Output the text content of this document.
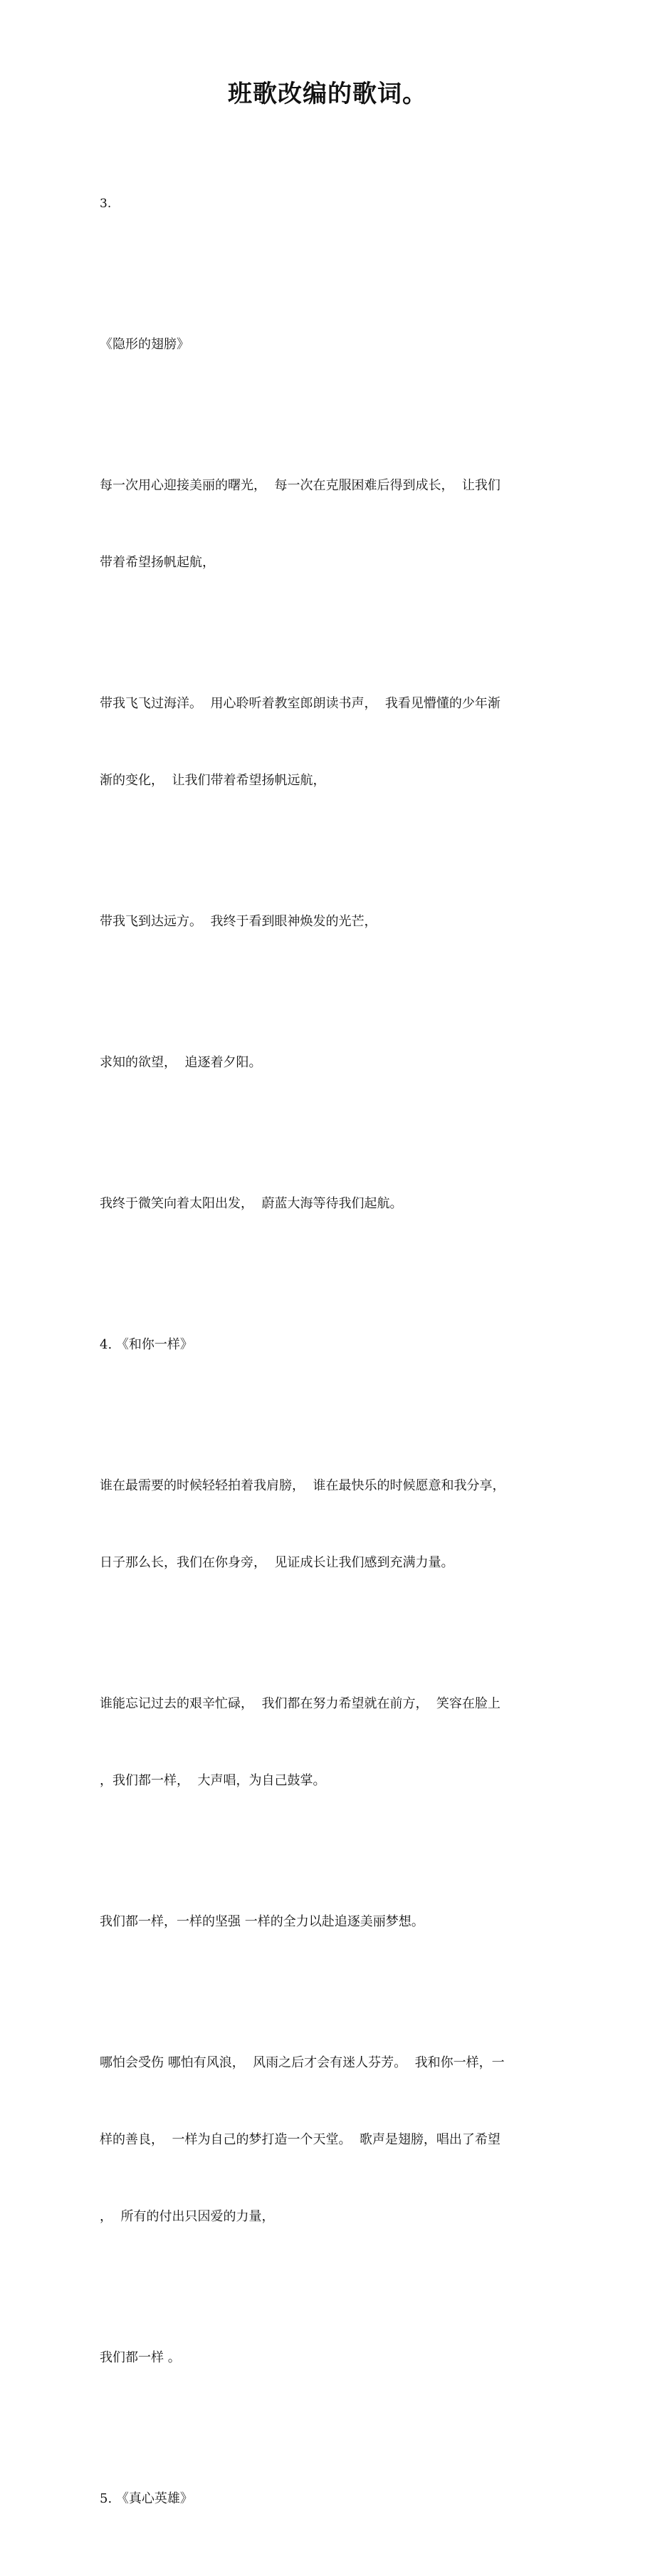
班歌改编的歌词。

3.

《隐形的翅膀》

每一次用心迎接美丽的曙光，  每一次在克服困难后得到成长，  让我们

带着希望扬帆起航，

带我飞飞过海洋。  用心聆听着教室郎朗读书声，  我看见懵懂的少年渐

渐的变化，  让我们带着希望扬帆远航，

带我飞到达远方。  我终于看到眼神焕发的光芒，

求知的欲望，  追逐着夕阳。

我终于微笑向着太阳出发，  蔚蓝大海等待我们起航。

4. 《和你一样》

谁在最需要的时候轻轻拍着我肩膀，  谁在最快乐的时候愿意和我分享，

日子那么长，我们在你身旁，  见证成长让我们感到充满力量。

谁能忘记过去的艰辛忙碌，  我们都在努力希望就在前方，  笑容在脸上

，我们都一样，  大声唱，为自己鼓掌。

我们都一样，一样的坚强 一样的全力以赴追逐美丽梦想。

哪怕会受伤 哪怕有风浪，  风雨之后才会有迷人芬芳。  我和你一样，一

样的善良，  一样为自己的梦打造一个天堂。  歌声是翅膀，唱出了希望

，  所有的付出只因爱的力量，

我们都一样 。

5. 《真心英雄》
